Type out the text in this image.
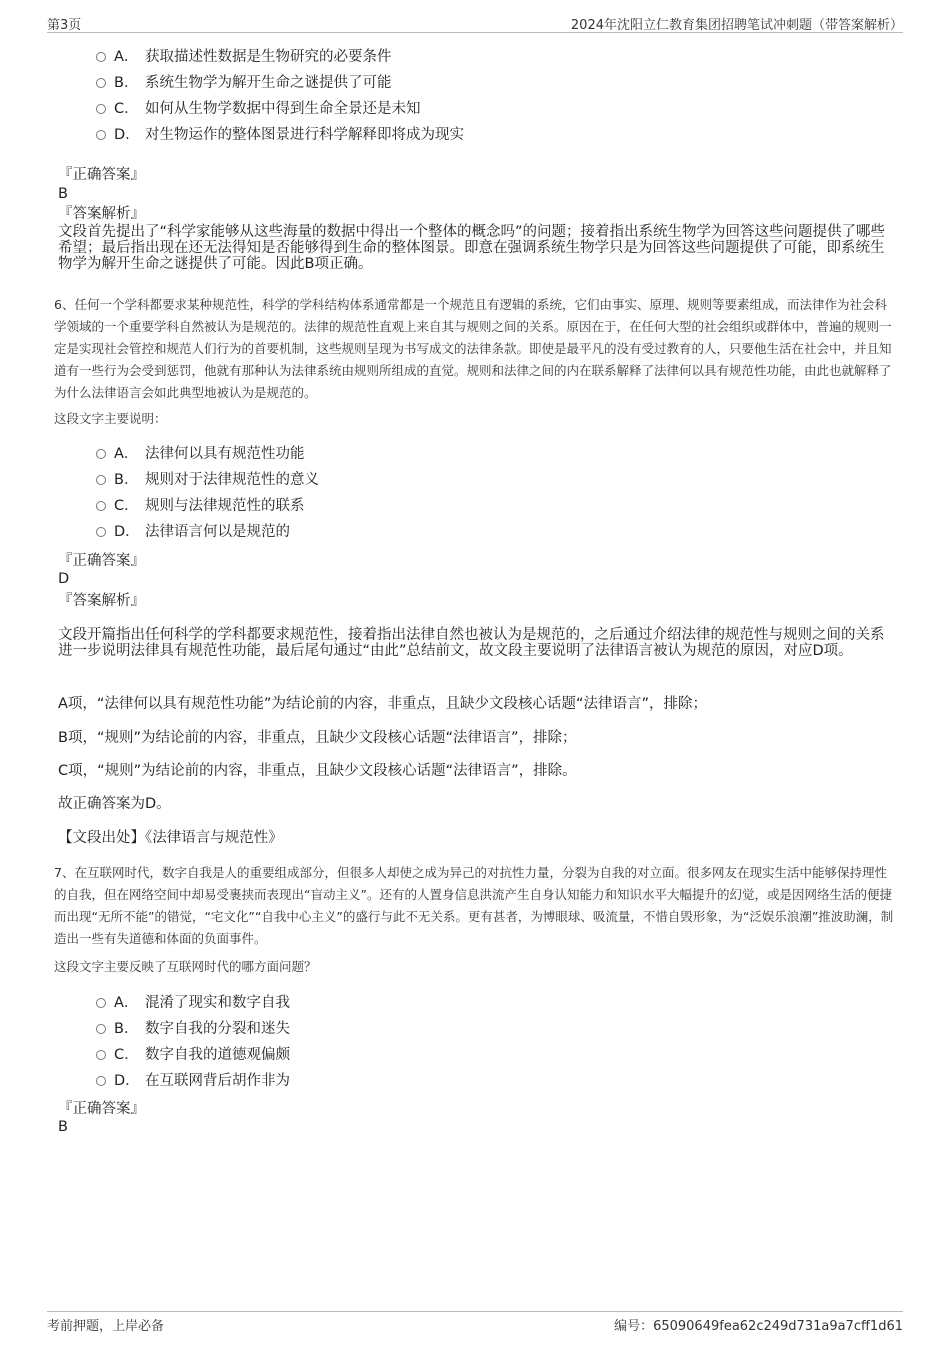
第3页	2024年沈阳立仁教育集团招聘笔试冲刺题（带答案解析）
A． 获取描述性数据是生物研究的必要条件
B． 系统生物学为解开生命之谜提供了可能
C． 如何从生物学数据中得到生命全景还是未知
D． 对生物运作的整体图景进行科学解释即将成为现实
『正确答案』
B
『答案解析』
文段首先提出了“科学家能够从这些海量的数据中得出一个整体的概念吗”的问题；接着指出系统生物学为回答这些问题提供了哪些希望；最后指出现在还无法得知是否能够得到生命的整体图景。即意在强调系统生物学只是为回答这些问题提供了可能，即系统生物学为解开生命之谜提供了可能。因此B项正确。
6、任何一个学科都要求某种规范性，科学的学科结构体系通常都是一个规范且有逻辑的系统，它们由事实、原理、规则等要素组成，而法律作为社会科学领域的一个重要学科自然被认为是规范的。法律的规范性直观上来自其与规则之间的关系。原因在于，在任何大型的社会组织或群体中，普遍的规则一定是实现社会管控和规范人们行为的首要机制，这些规则呈现为书写成文的法律条款。即使是最平凡的没有受过教育的人，只要他生活在社会中，并且知道有一些行为会受到惩罚，他就有那种认为法律系统由规则所组成的直觉。规则和法律之间的内在联系解释了法律何以具有规范性功能，由此也就解释了为什么法律语言会如此典型地被认为是规范的。
这段文字主要说明：
A． 法律何以具有规范性功能
B． 规则对于法律规范性的意义
C． 规则与法律规范性的联系
D． 法律语言何以是规范的
『正确答案』
D
『答案解析』
文段开篇指出任何科学的学科都要求规范性，接着指出法律自然也被认为是规范的，之后通过介绍法律的规范性与规则之间的关系进一步说明法律具有规范性功能，最后尾句通过“由此”总结前文，故文段主要说明了法律语言被认为规范的原因，对应D项。
A项，“法律何以具有规范性功能”为结论前的内容，非重点，且缺少文段核心话题“法律语言”，排除；
B项，“规则”为结论前的内容，非重点，且缺少文段核心话题“法律语言”，排除；
C项，“规则”为结论前的内容，非重点，且缺少文段核心话题“法律语言”，排除。
故正确答案为D。
【文段出处】《法律语言与规范性》
7、在互联网时代，数字自我是人的重要组成部分，但很多人却使之成为异己的对抗性力量，分裂为自我的对立面。很多网友在现实生活中能够保持理性的自我，但在网络空间中却易受裹挟而表现出“盲动主义”。还有的人置身信息洪流产生自身认知能力和知识水平大幅提升的幻觉，或是因网络生活的便捷而出现“无所不能”的错觉，“宅文化”“自我中心主义”的盛行与此不无关系。更有甚者，为博眼球、吸流量，不惜自毁形象，为“泛娱乐浪潮”推波助澜，制造出一些有失道德和体面的负面事件。
这段文字主要反映了互联网时代的哪方面问题？
A． 混淆了现实和数字自我
B． 数字自我的分裂和迷失
C． 数字自我的道德观偏颇
D． 在互联网背后胡作非为
『正确答案』
B
考前押题，上岸必备	编号：65090649fea62c249d731a9a7cff1d61
